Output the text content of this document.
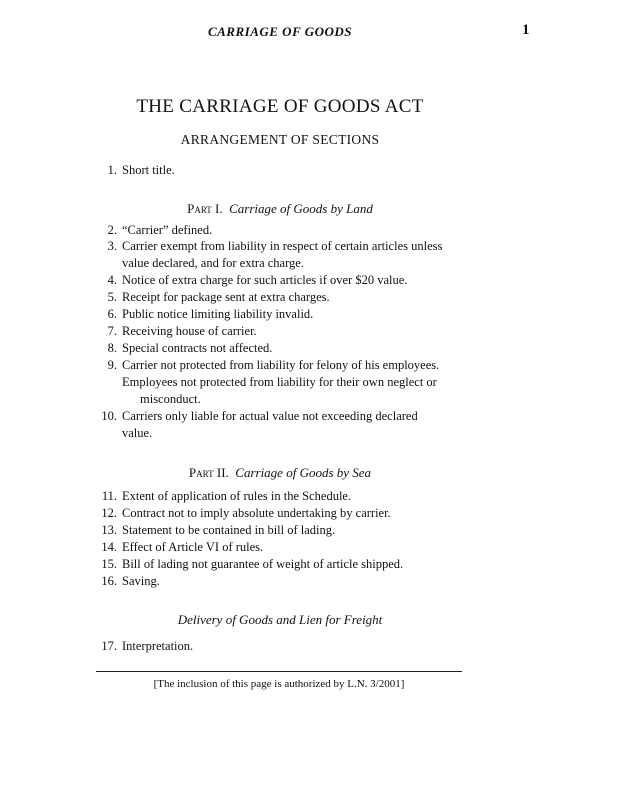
CARRIAGE OF GOODS	1
THE CARRIAGE OF GOODS ACT
ARRANGEMENT OF SECTIONS
1. Short title.
Part I. Carriage of Goods by Land
2. “Carrier” defined.
3. Carrier exempt from liability in respect of certain articles unless
value declared, and for extra charge.
4. Notice of extra charge for such articles if over $20 value.
5. Receipt for package sent at extra charges.
6. Public notice limiting liability invalid.
7. Receiving house of carrier.
8. Special contracts not affected.
9. Carrier not protected from liability for felony of his employees.
Employees not protected from liability for their own neglect or
misconduct.
10. Carriers only liable for actual value not exceeding declared
value.
Part II. Carriage of Goods by Sea
11. Extent of application of rules in the Schedule.
12. Contract not to imply absolute undertaking by carrier.
13. Statement to be contained in bill of lading.
14. Effect of Article VI of rules.
15. Bill of lading not guarantee of weight of article shipped.
16. Saving.
Delivery of Goods and Lien for Freight
17. Interpretation.
[The inclusion of this page is authorized by L.N. 3/2001]
